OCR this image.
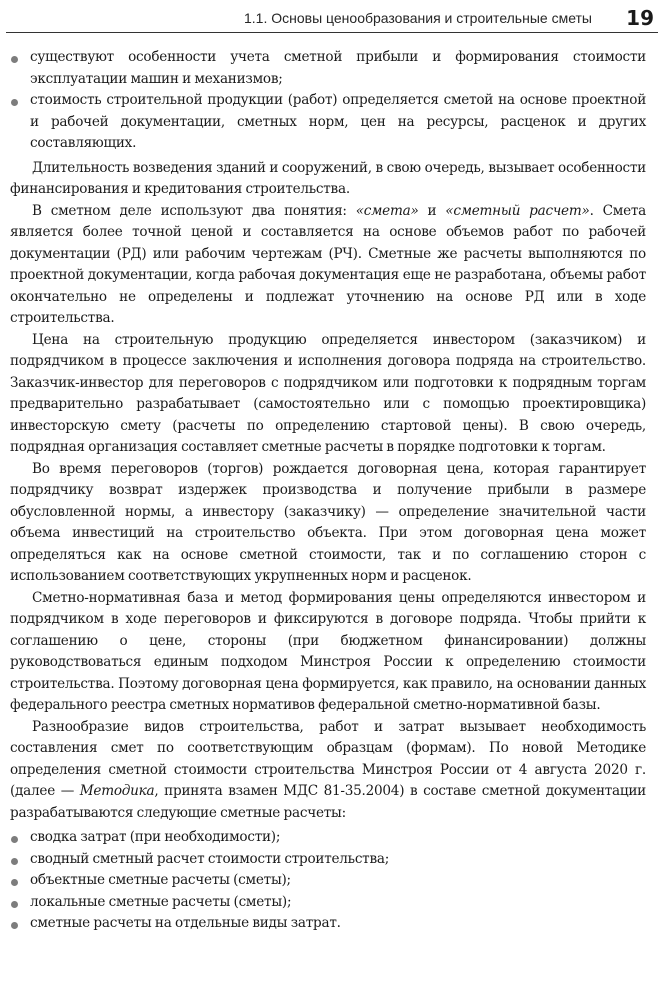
1.1. Основы ценообразования и строительные сметы 19
существуют особенности учета сметной прибыли и формирования стоимости эксплуатации машин и механизмов;
стоимость строительной продукции (работ) определяется сметой на основе проектной и рабочей документации, сметных норм, цен на ресурсы, расценок и других составляющих.

Длительность возведения зданий и сооружений, в свою очередь, вызывает особенности финансирования и кредитования строительства.

В сметном деле используют два понятия: «смета» и «сметный расчет». Смета является более точной ценой и составляется на основе объемов работ по рабочей документации (РД) или рабочим чертежам (РЧ). Сметные же расчеты выполняются по проектной документации, когда рабочая документация еще не разработана, объемы работ окончательно не определены и подлежат уточнению на основе РД или в ходе строительства.

Цена на строительную продукцию определяется инвестором (заказчиком) и подрядчиком в процессе заключения и исполнения договора подряда на строительство. Заказчик-инвестор для переговоров с подрядчиком или подготовки к подрядным торгам предварительно разрабатывает (самостоятельно или с помощью проектировщика) инвесторскую смету (расчеты по определению стартовой цены). В свою очередь, подрядная организация составляет сметные расчеты в порядке подготовки к торгам.

Во время переговоров (торгов) рождается договорная цена, которая гарантирует подрядчику возврат издержек производства и получение прибыли в размере обусловленной нормы, а инвестору (заказчику) — определение значительной части объема инвестиций на строительство объекта. При этом договорная цена может определяться как на основе сметной стоимости, так и по соглашению сторон с использованием соответствующих укрупненных норм и расценок.

Сметно-нормативная база и метод формирования цены определяются инвестором и подрядчиком в ходе переговоров и фиксируются в договоре подряда. Чтобы прийти к соглашению о цене, стороны (при бюджетном финансировании) должны руководствоваться единым подходом Минстроя России к определению стоимости строительства. Поэтому договорная цена формируется, как правило, на основании данных федерального реестра сметных нормативов федеральной сметно-нормативной базы.

Разнообразие видов строительства, работ и затрат вызывает необходимость составления смет по соответствующим образцам (формам). По новой Методике определения сметной стоимости строительства Минстроя России от 4 августа 2020 г. (далее — Методика, принята взамен МДС 81-35.2004) в составе сметной документации разрабатываются следующие сметные расчеты:

сводка затрат (при необходимости);
сводный сметный расчет стоимости строительства;
объектные сметные расчеты (сметы);
локальные сметные расчеты (сметы);
сметные расчеты на отдельные виды затрат.
